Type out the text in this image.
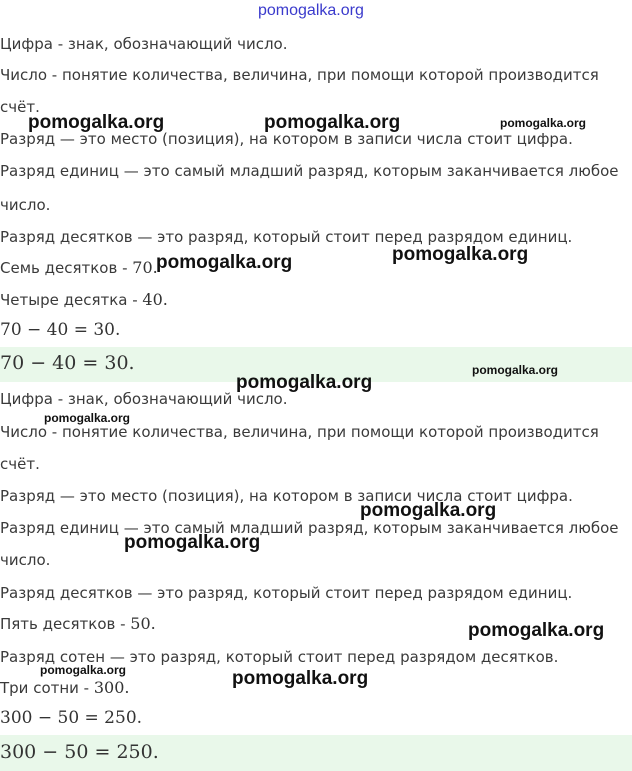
pomogalka.org
Цифра - знак, обозначающий число.
Число - понятие количества, величина, при помощи которой производится
счёт.
Разряд — это место (позиция), на котором в записи числа стоит цифра.
Разряд единиц — это самый младший разряд, которым заканчивается любое
число.
Разряд десятков — это разряд, который стоит перед разрядом единиц.
Семь десятков - 70.
Четыре десятка - 40.
70 − 40 = 30.
70 − 40 = 30.
Цифра - знак, обозначающий число.
Число - понятие количества, величина, при помощи которой производится
счёт.
Разряд — это место (позиция), на котором в записи числа стоит цифра.
Разряд единиц — это самый младший разряд, которым заканчивается любое
число.
Разряд десятков — это разряд, который стоит перед разрядом единиц.
Пять десятков - 50.
Разряд сотен — это разряд, который стоит перед разрядом десятков.
Три сотни - 300.
300 − 50 = 250.
300 − 50 = 250.
pomogalka.org	pomogalka.org	pomogalka.org
pomogalka.org	pomogalka.org
pomogalka.org
pomogalka.org
pomogalka.org
pomogalka.org
pomogalka.org
pomogalka.org
pomogalka.org	pomogalka.org
